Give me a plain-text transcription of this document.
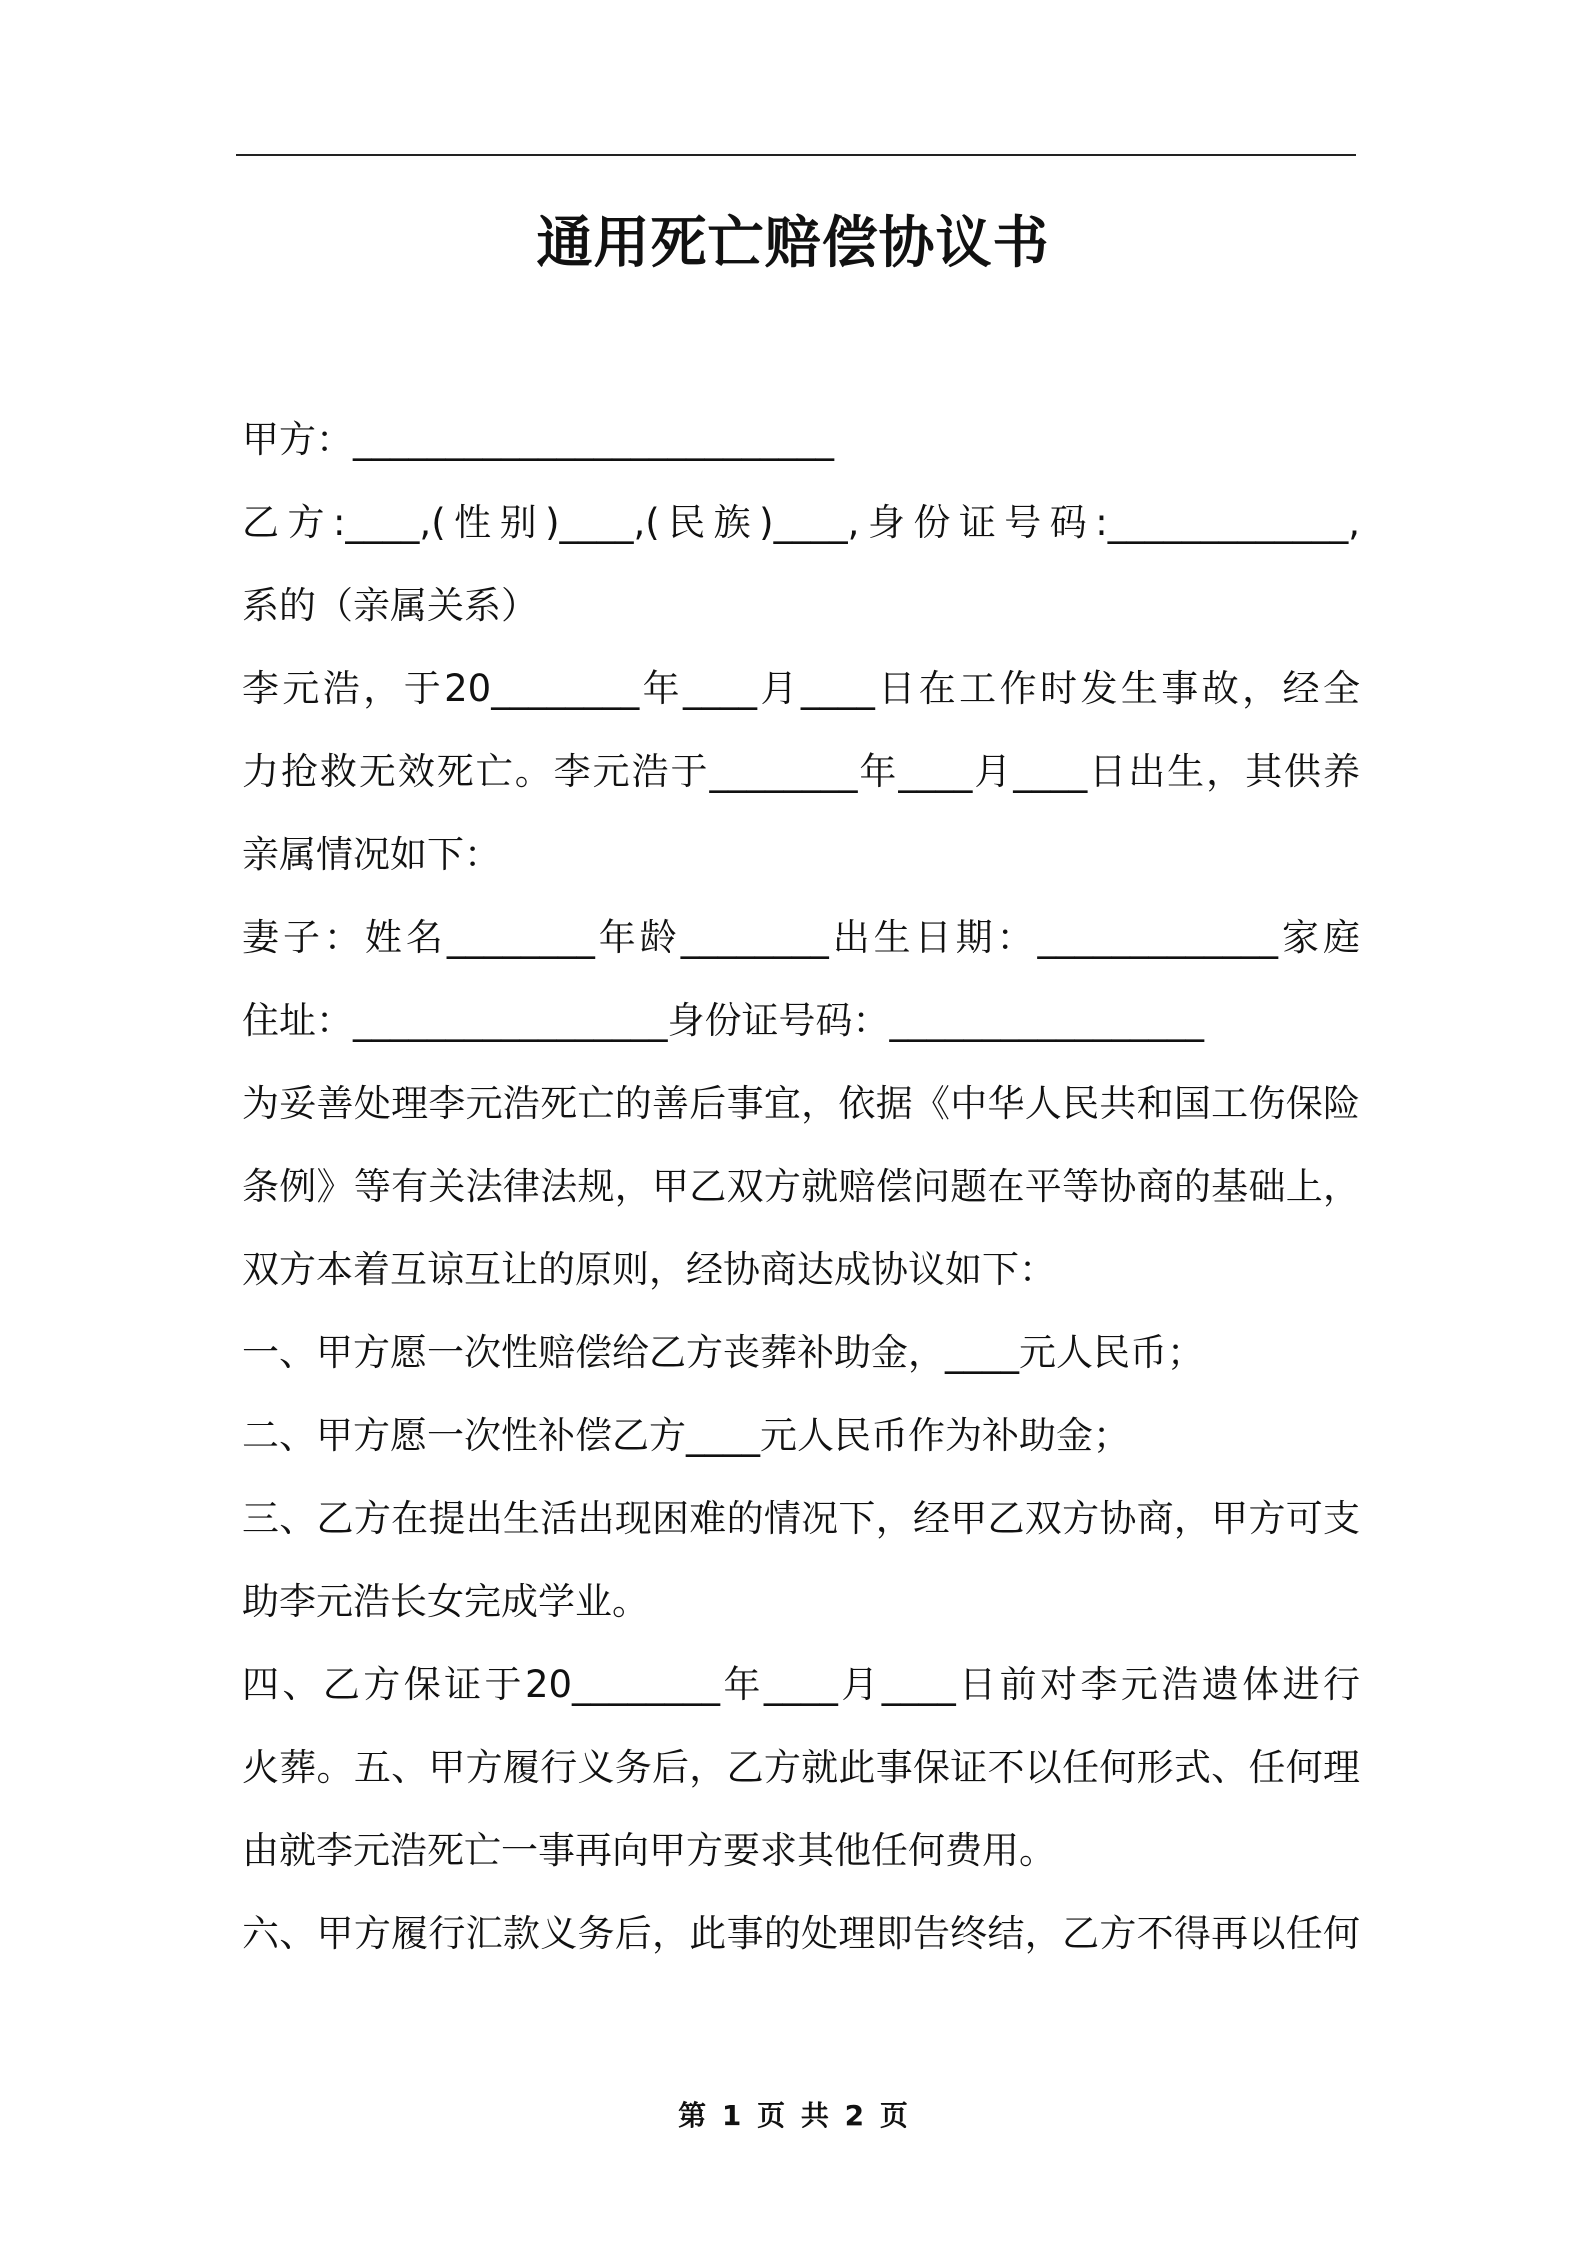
通用死亡赔偿协议书
甲方：__________________________
乙方:____,(性别)____,(民族)____,身份证号码:_____________,
系的（亲属关系）
李元浩，于20________年____月____日在工作时发生事故，经全
力抢救无效死亡。李元浩于________年____月____日出生，其供养
亲属情况如下：
妻子：姓名________年龄________出生日期：_____________家庭
住址：_________________身份证号码：_________________
为妥善处理李元浩死亡的善后事宜，依据《中华人民共和国工伤保险
条例》等有关法律法规，甲乙双方就赔偿问题在平等协商的基础上，
双方本着互谅互让的原则，经协商达成协议如下：
一、甲方愿一次性赔偿给乙方丧葬补助金，____元人民币；
二、甲方愿一次性补偿乙方____元人民币作为补助金；
三、乙方在提出生活出现困难的情况下，经甲乙双方协商，甲方可支
助李元浩长女完成学业。
四、乙方保证于20________年____月____日前对李元浩遗体进行
火葬。五、甲方履行义务后，乙方就此事保证不以任何形式、任何理
由就李元浩死亡一事再向甲方要求其他任何费用。
六、甲方履行汇款义务后，此事的处理即告终结，乙方不得再以任何
第 1 页 共 2 页
